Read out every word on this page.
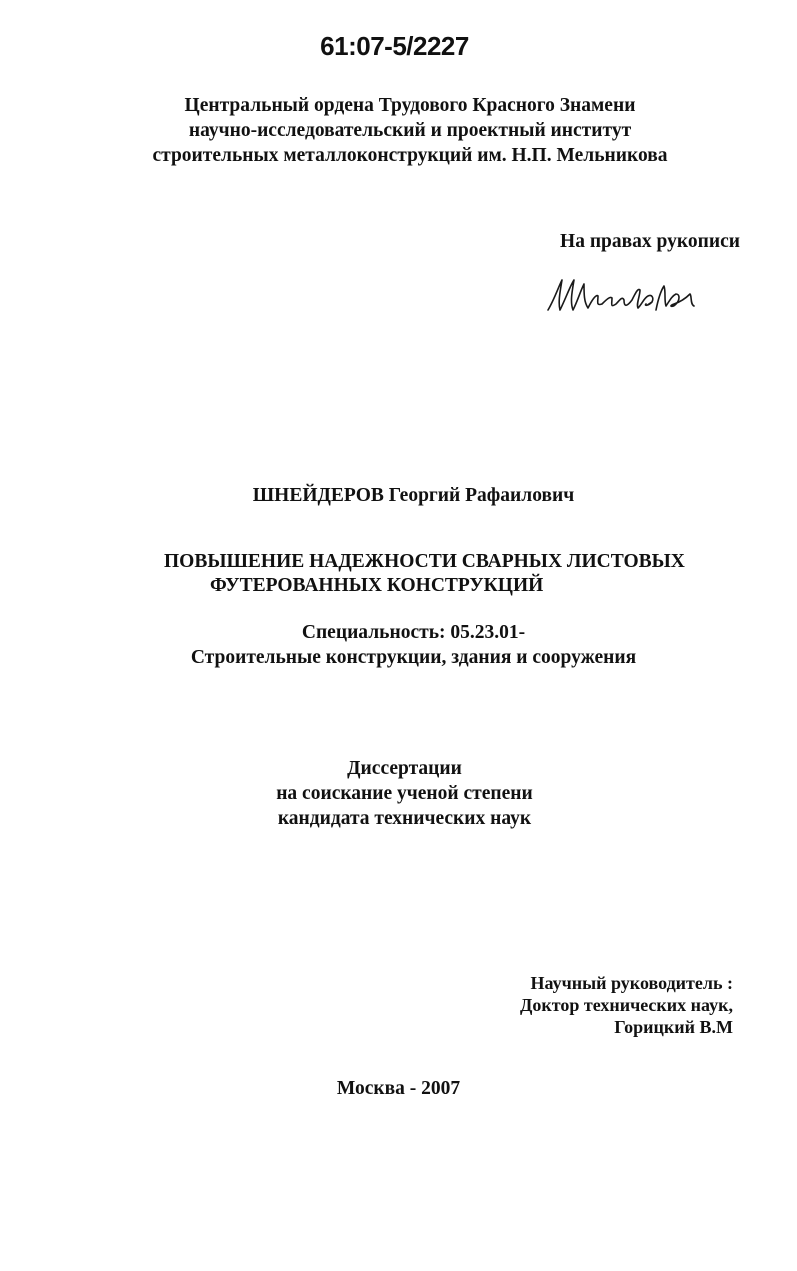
61:07-5/2227
Центральный ордена Трудового Красного Знамени
научно-исследовательский и проектный институт
строительных металлоконструкций им. Н.П. Мельникова
На правах рукописи
ШНЕЙДЕРОВ Георгий Рафаилович
ПОВЫШЕНИЕ НАДЕЖНОСТИ СВАРНЫХ ЛИСТОВЫХ
ФУТЕРОВАННЫХ КОНСТРУКЦИЙ
Специальность: 05.23.01-
Строительные конструкции, здания и сооружения
Диссертации
на соискание ученой степени
кандидата технических наук
Научный руководитель :
Доктор технических наук,
Горицкий В.М
Москва - 2007
